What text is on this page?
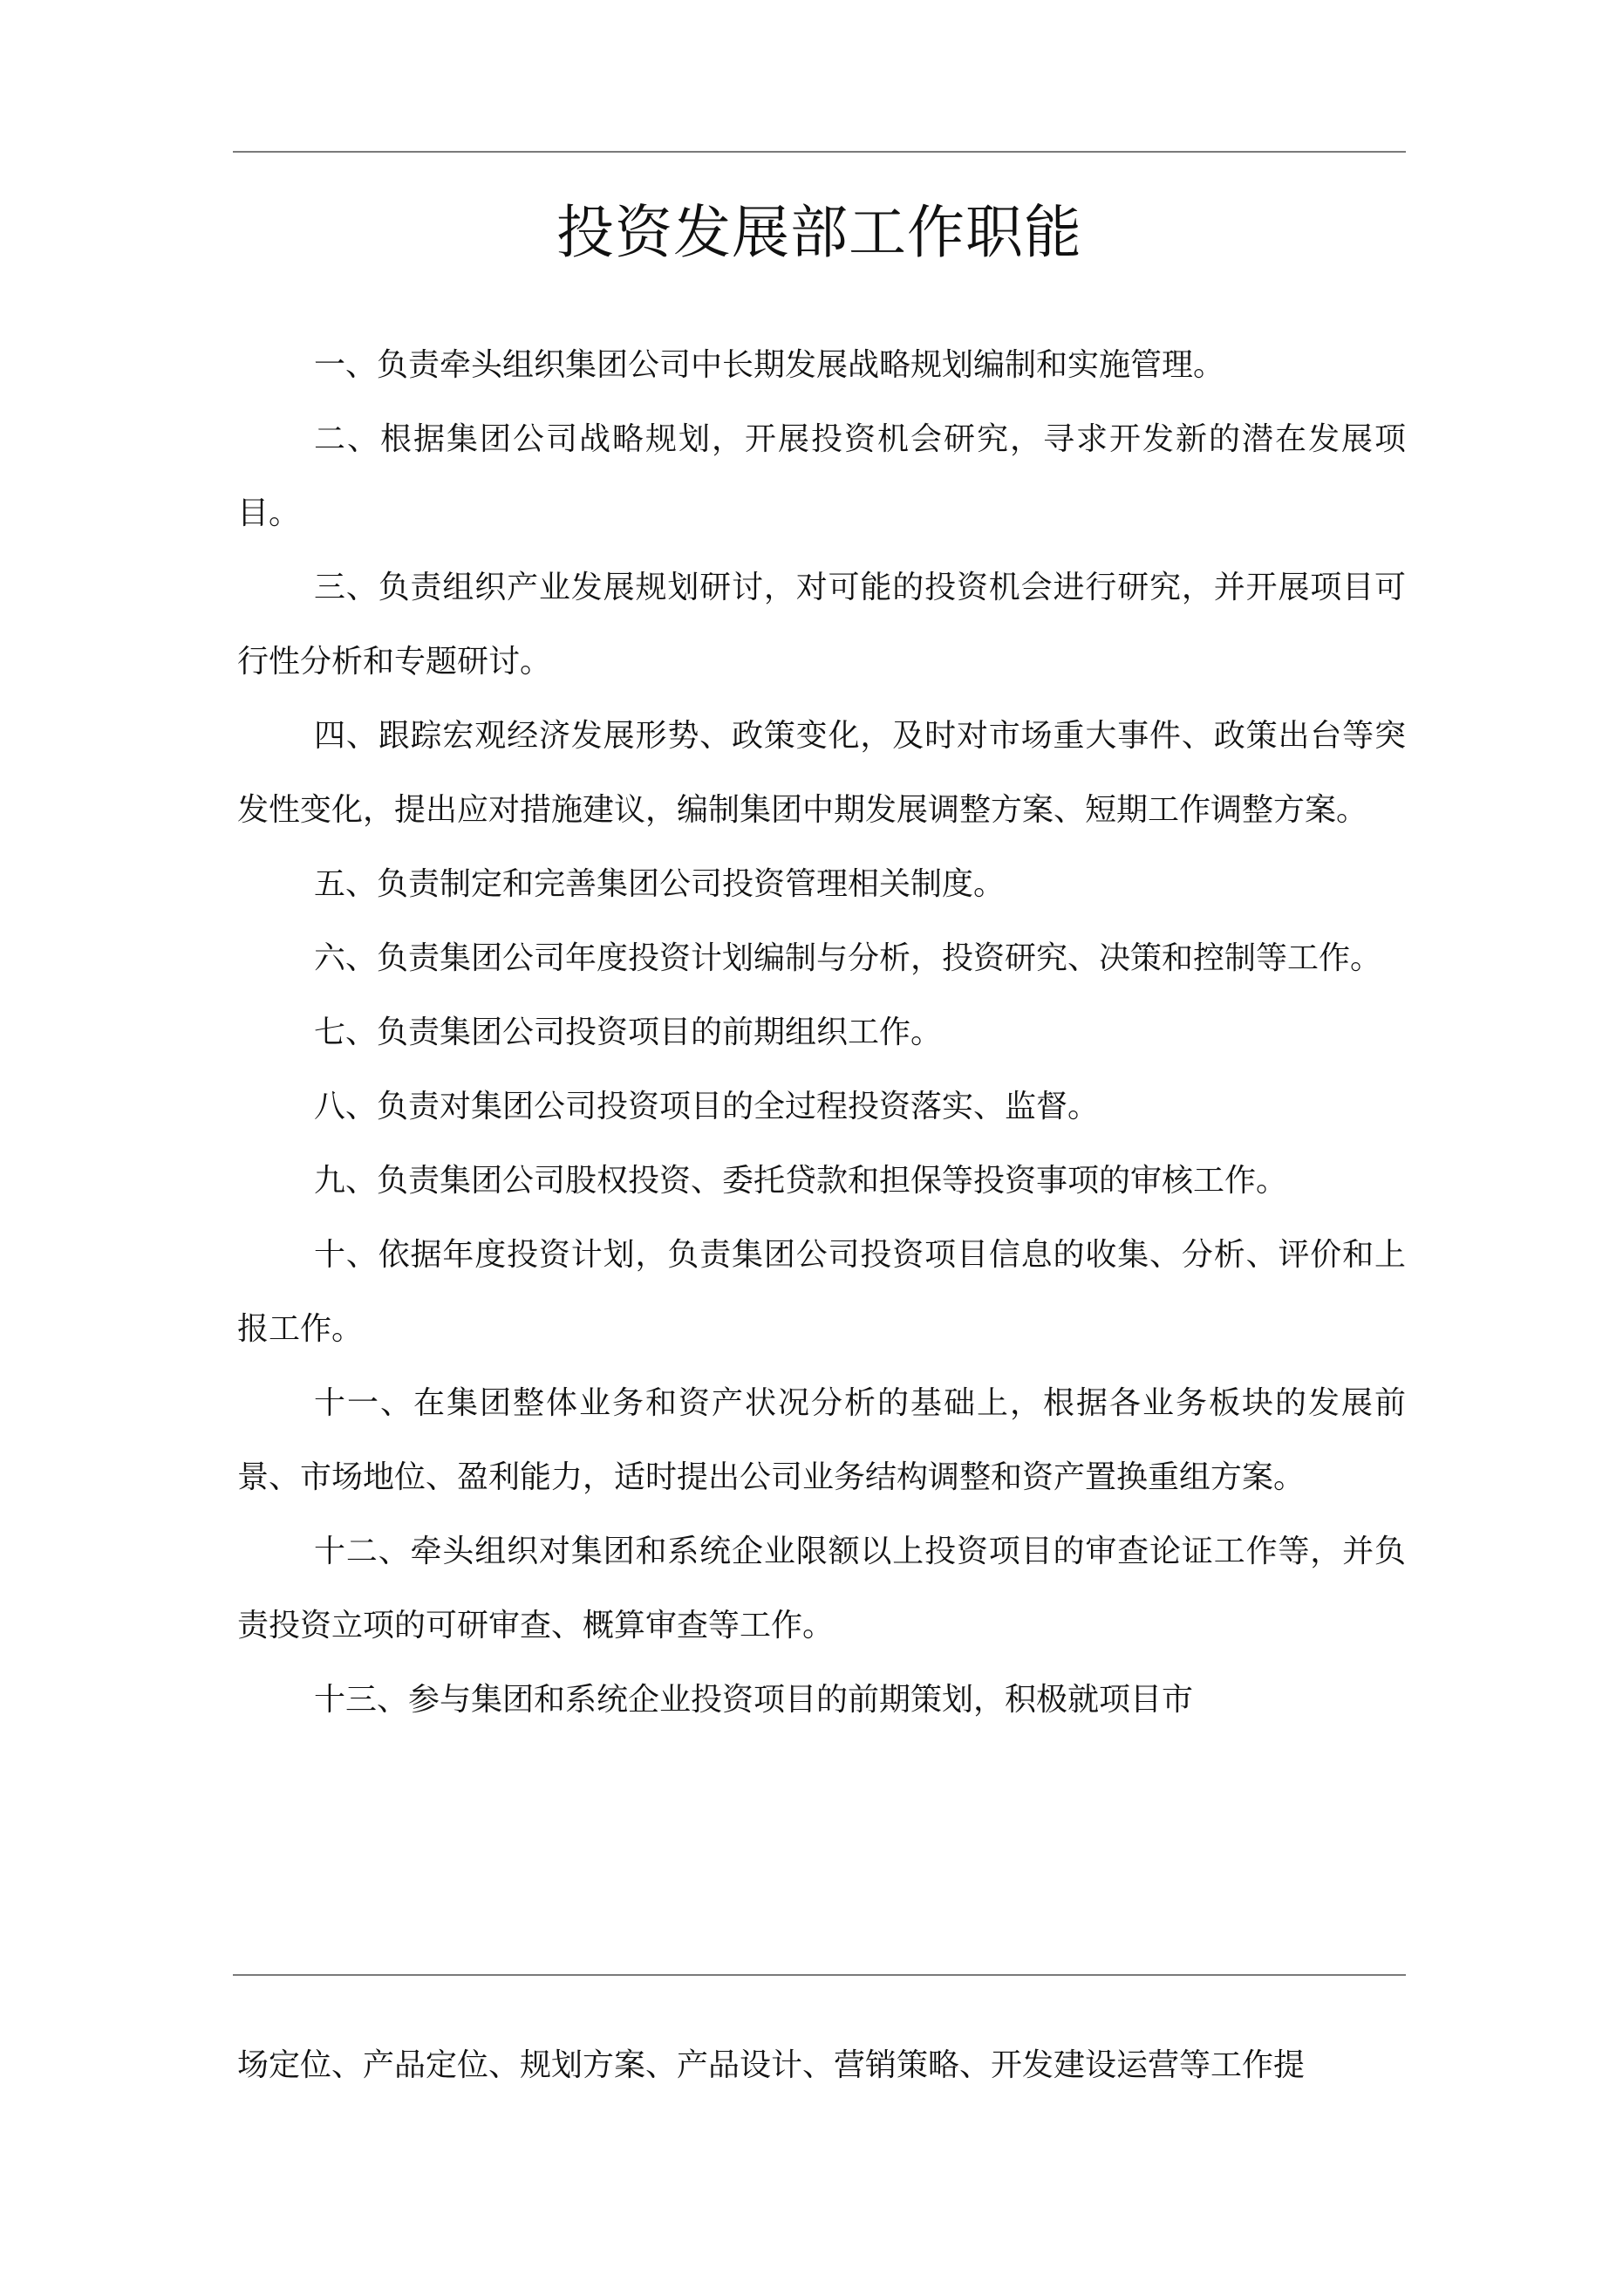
投资发展部工作职能

一、负责牵头组织集团公司中长期发展战略规划编制和实施管理。

二、根据集团公司战略规划，开展投资机会研究，寻求开发新的潜在发展项目。

三、负责组织产业发展规划研讨，对可能的投资机会进行研究，并开展项目可行性分析和专题研讨。

四、跟踪宏观经济发展形势、政策变化，及时对市场重大事件、政策出台等突发性变化，提出应对措施建议，编制集团中期发展调整方案、短期工作调整方案。

五、负责制定和完善集团公司投资管理相关制度。

六、负责集团公司年度投资计划编制与分析，投资研究、决策和控制等工作。

七、负责集团公司投资项目的前期组织工作。

八、负责对集团公司投资项目的全过程投资落实、监督。

九、负责集团公司股权投资、委托贷款和担保等投资事项的审核工作。

十、依据年度投资计划，负责集团公司投资项目信息的收集、分析、评价和上报工作。

十一、在集团整体业务和资产状况分析的基础上，根据各业务板块的发展前景、市场地位、盈利能力，适时提出公司业务结构调整和资产置换重组方案。

十二、牵头组织对集团和系统企业限额以上投资项目的审查论证工作等，并负责投资立项的可研审查、概算审查等工作。

十三、参与集团和系统企业投资项目的前期策划，积极就项目市

场定位、产品定位、规划方案、产品设计、营销策略、开发建设运营等工作提
